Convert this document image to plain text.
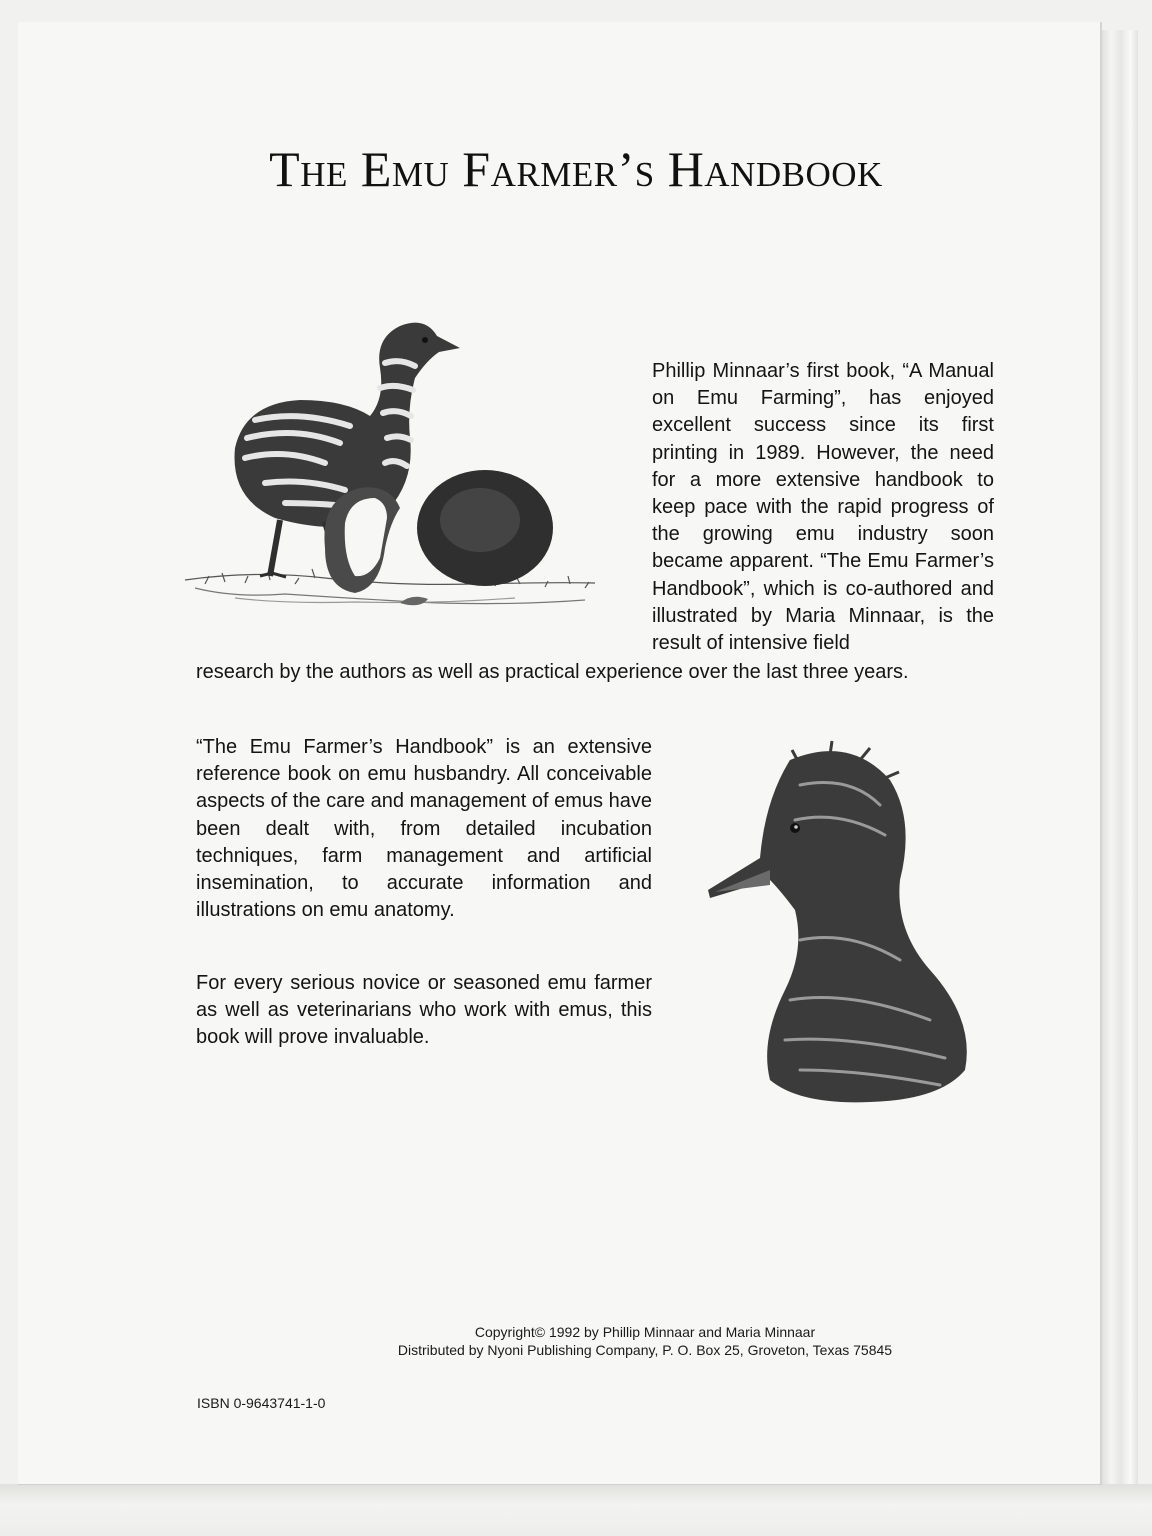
The Emu Farmer’s Handbook

Phillip Minnaar’s first book, “A Manual on Emu Farming”, has enjoyed excellent success since its first printing in 1989. However, the need for a more extensive handbook to keep pace with the rapid progress of the growing emu industry soon became apparent. “The Emu Farmer’s Handbook”, which is co-authored and illustrated by Maria Minnaar, is the result of intensive field

research by the authors as well as practical experience over the last three years.

“The Emu Farmer’s Handbook” is an extensive reference book on emu husbandry. All conceivable aspects of the care and management of emus have been dealt with, from detailed incubation techniques, farm management and artificial insemination, to accurate information and illustrations on emu anatomy.

For every serious novice or seasoned emu farmer as well as veterinarians who work with emus, this book will prove invaluable.

Copyright© 1992 by Phillip Minnaar and Maria Minnaar

Distributed by Nyoni Publishing Company, P. O. Box 25, Groveton, Texas 75845

ISBN 0-9643741-1-0
